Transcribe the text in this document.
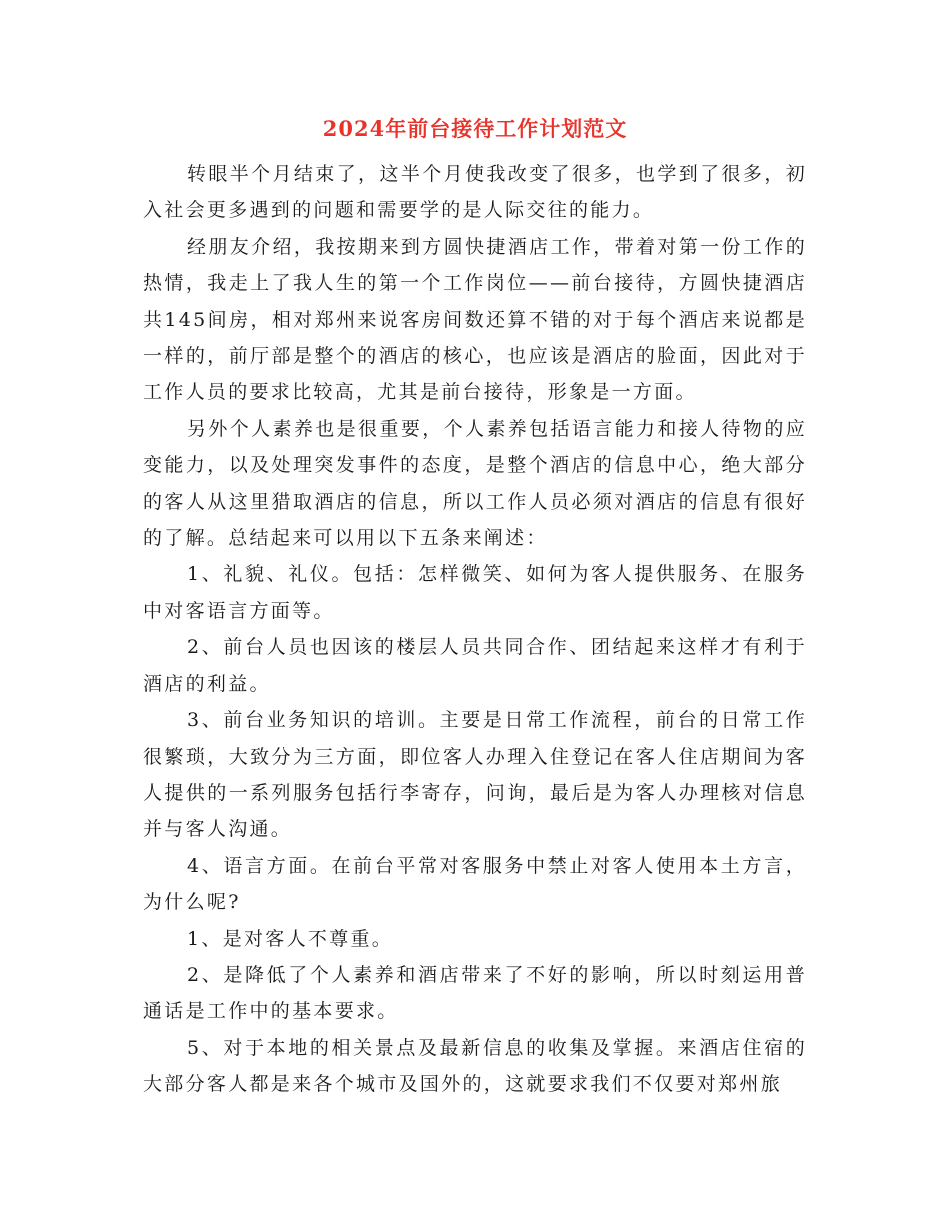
2024年前台接待工作计划范文

转眼半个月结束了，这半个月使我改变了很多，也学到了很多，初入社会更多遇到的问题和需要学的是人际交往的能力。

经朋友介绍，我按期来到方圆快捷酒店工作，带着对第一份工作的热情，我走上了我人生的第一个工作岗位——前台接待，方圆快捷酒店共145间房，相对郑州来说客房间数还算不错的对于每个酒店来说都是一样的，前厅部是整个的酒店的核心，也应该是酒店的脸面，因此对于工作人员的要求比较高，尤其是前台接待，形象是一方面。

另外个人素养也是很重要，个人素养包括语言能力和接人待物的应变能力，以及处理突发事件的态度，是整个酒店的信息中心，绝大部分的客人从这里猎取酒店的信息，所以工作人员必须对酒店的信息有很好的了解。总结起来可以用以下五条来阐述：

1、礼貌、礼仪。包括：怎样微笑、如何为客人提供服务、在服务中对客语言方面等。

2、前台人员也因该的楼层人员共同合作、团结起来这样才有利于酒店的利益。

3、前台业务知识的培训。主要是日常工作流程，前台的日常工作很繁琐，大致分为三方面，即位客人办理入住登记在客人住店期间为客人提供的一系列服务包括行李寄存，问询，最后是为客人办理核对信息并与客人沟通。

4、语言方面。在前台平常对客服务中禁止对客人使用本土方言，为什么呢?

1、是对客人不尊重。

2、是降低了个人素养和酒店带来了不好的影响，所以时刻运用普通话是工作中的基本要求。

5、对于本地的相关景点及最新信息的收集及掌握。来酒店住宿的大部分客人都是来各个城市及国外的，这就要求我们不仅要对郑州旅
